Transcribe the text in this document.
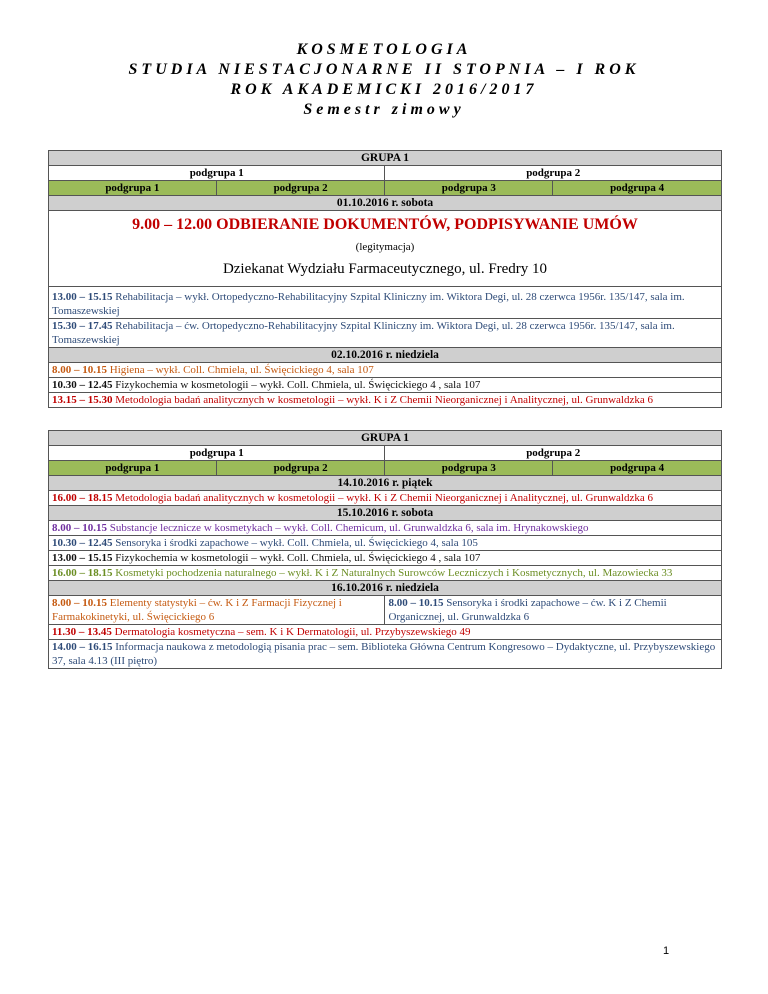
KOSMETOLOGIA
STUDIA NIESTACJONARNE II STOPNIA – I ROK
ROK AKADEMICKI 2016/2017
Semestr zimowy
GRUPA 1			
podgrupa 1		podgrupa 2	
podgrupa 1	podgrupa 2	podgrupa 3	podgrupa 4
01.10.2016 r. sobota			

9.00 – 12.00 ODBIERANIE DOKUMENTÓW, PODPISYWANIE UMÓW
(legitymacja)
Dziekanat Wydziału Farmaceutycznego, ul. Fredry 10			

13.00 – 15.15 Rehabilitacja – wykł. Ortopedyczno-Rehabilitacyjny Szpital Kliniczny im. Wiktora Degi, ul. 28 czerwca 1956r. 135/147, sala im. Tomaszewskiej			
15.30 – 17.45 Rehabilitacja – ćw. Ortopedyczno-Rehabilitacyjny Szpital Kliniczny im. Wiktora Degi, ul. 28 czerwca 1956r. 135/147, sala im. Tomaszewskiej			
02.10.2016 r. niedziela			
8.00 – 10.15 Higiena – wykł. Coll. Chmiela, ul. Święcickiego 4, sala 107			
10.30 – 12.45 Fizykochemia w kosmetologii – wykł. Coll. Chmiela, ul. Święcickiego 4 , sala 107			
13.15 – 15.30 Metodologia badań analitycznych w kosmetologii – wykł. K i Z Chemii Nieorganicznej i Analitycznej, ul. Grunwaldzka 6			
GRUPA 1			
podgrupa 1		podgrupa 2	
podgrupa 1	podgrupa 2	podgrupa 3	podgrupa 4
14.10.2016 r. piątek			
16.00 – 18.15 Metodologia badań analitycznych w kosmetologii – wykł. K i Z Chemii Nieorganicznej i Analitycznej, ul. Grunwaldzka 6			
15.10.2016 r. sobota			
8.00 – 10.15 Substancje lecznicze w kosmetykach – wykł. Coll. Chemicum, ul. Grunwaldzka 6, sala im. Hrynakowskiego			
10.30 – 12.45 Sensoryka i środki zapachowe – wykł. Coll. Chmiela, ul. Święcickiego 4, sala 105			
13.00 – 15.15 Fizykochemia w kosmetologii – wykł. Coll. Chmiela, ul. Święcickiego 4 , sala 107			
16.00 – 18.15 Kosmetyki pochodzenia naturalnego – wykł. K i Z Naturalnych Surowców Leczniczych i Kosmetycznych, ul. Mazowiecka 33			
16.10.2016 r. niedziela			
8.00 – 10.15 Elementy statystyki – ćw. K i Z Farmacji Fizycznej i Farmakokinetyki, ul. Święcickiego 6		8.00 – 10.15 Sensoryka i środki zapachowe – ćw. K i Z Chemii Organicznej, ul. Grunwaldzka 6	
11.30 – 13.45 Dermatologia kosmetyczna – sem. K i K Dermatologii, ul. Przybyszewskiego 49			
14.00 – 16.15 Informacja naukowa z metodologią pisania prac – sem. Biblioteka Główna Centrum Kongresowo – Dydaktyczne, ul. Przybyszewskiego 37, sala 4.13 (III piętro)			
1
